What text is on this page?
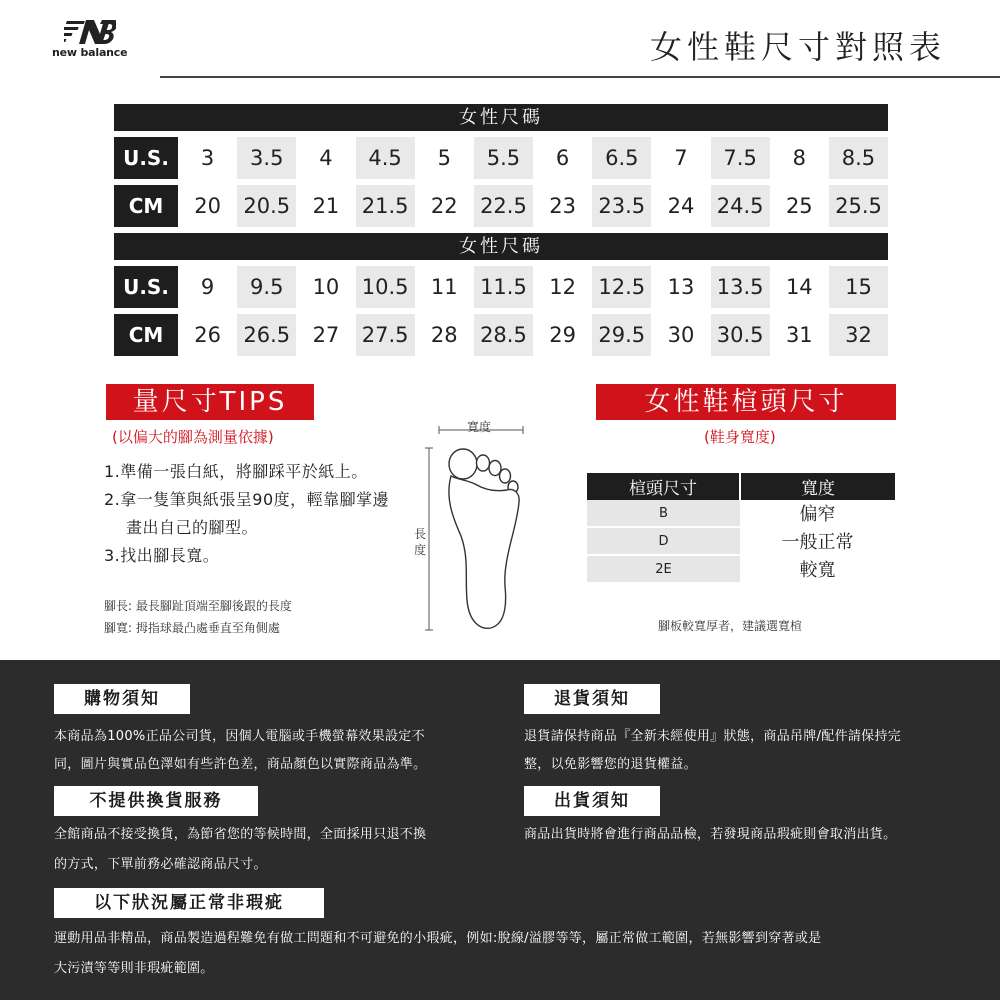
new balance	女性鞋尺寸對照表
女性尺碼
U.S.	3	3.5	4	4.5	5	5.5	6	6.5	7	7.5	8	8.5
CM	20	20.5	21	21.5	22	22.5	23	23.5	24	24.5	25	25.5
女性尺碼
U.S.	9	9.5	10	10.5	11	11.5	12	12.5	13	13.5	14	15
CM	26	26.5	27	27.5	28	28.5	29	29.5	30	30.5	31	32
量尺寸TIPS
(以偏大的腳為測量依據)
1.準備一張白紙，將腳踩平於紙上。
2.拿一隻筆與紙張呈90度，輕靠腳掌邊畫出自己的腳型。
3.找出腳長寬。
腳長: 最長腳趾頂端至腳後跟的長度
腳寬: 拇指球最凸處垂直至角側處
寬度
長度
女性鞋楦頭尺寸
(鞋身寬度)
楦頭尺寸	寬度
B	偏窄
D	一般正常
2E	較寬
腳板較寬厚者，建議選寬楦
購物須知
本商品為100%正品公司貨，因個人電腦或手機螢幕效果設定不
同，圖片與實品色澤如有些許色差，商品顏色以實際商品為準。
退貨須知
退貨請保持商品『全新未經使用』狀態，商品吊牌/配件請保持完
整，以免影響您的退貨權益。
不提供換貨服務
全館商品不接受換貨，為節省您的等候時間，全面採用只退不換
的方式，下單前務必確認商品尺寸。
出貨須知
商品出貨時將會進行商品品檢，若發現商品瑕疵則會取消出貨。
以下狀況屬正常非瑕疵
運動用品非精品，商品製造過程難免有做工問題和不可避免的小瑕疵，例如:脫線/溢膠等等，屬正常做工範圍，若無影響到穿著或是
大污漬等等則非瑕疵範圍。
